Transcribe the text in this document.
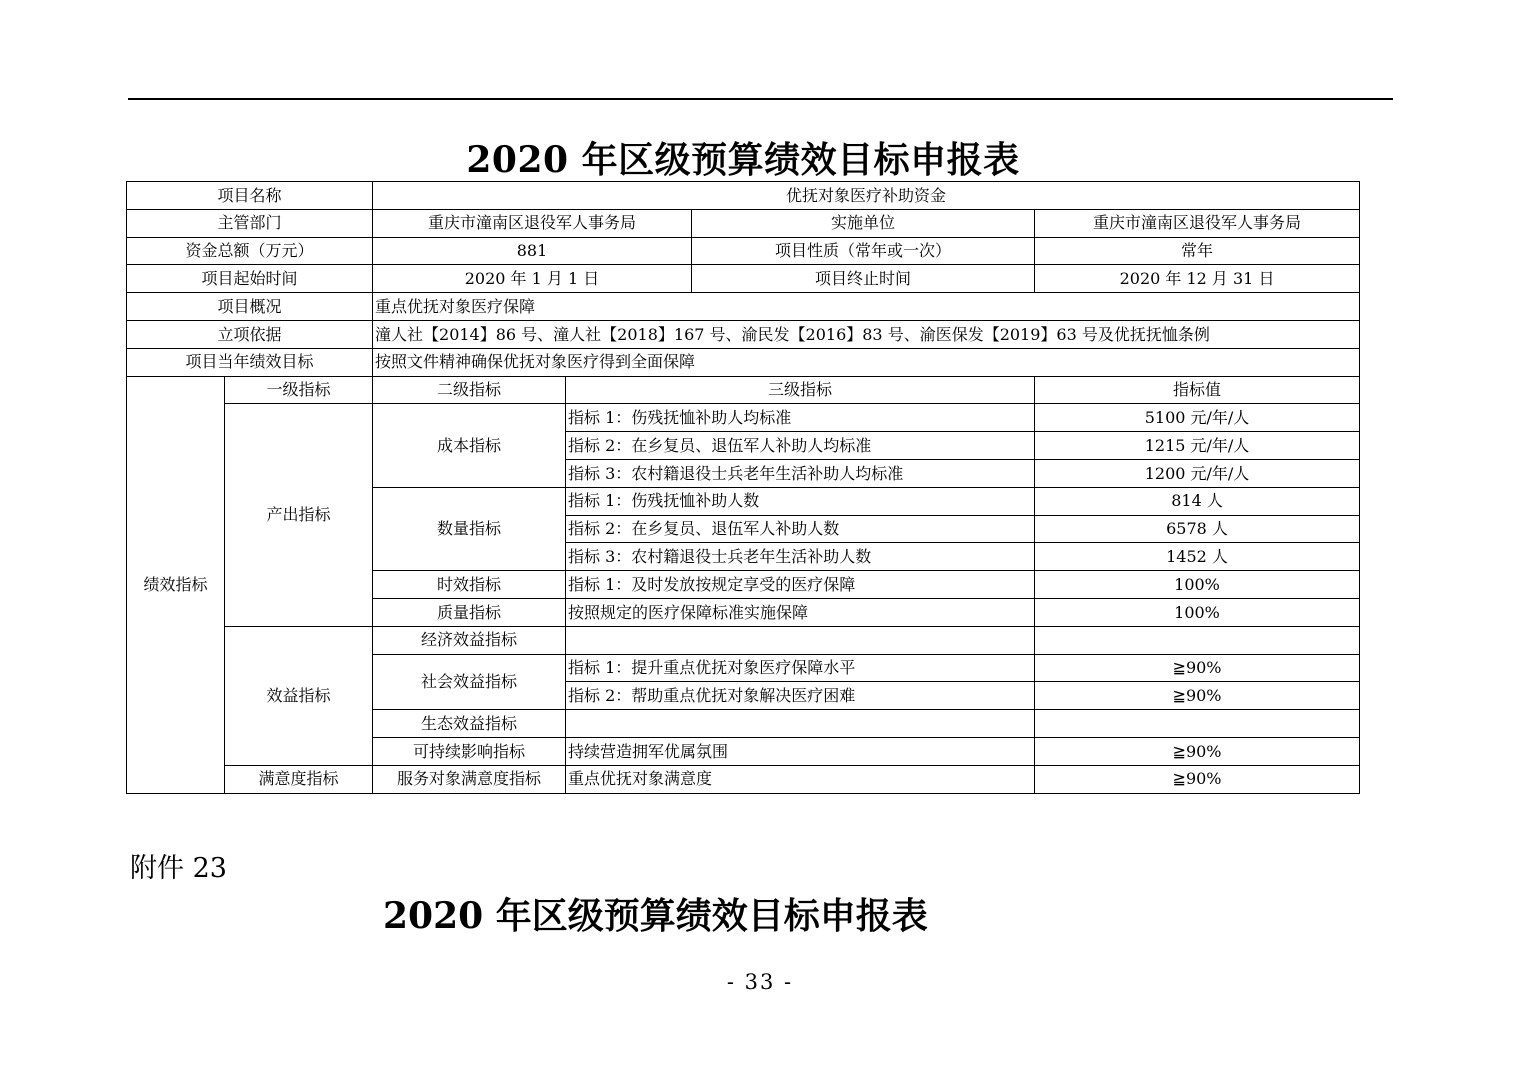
2020 年区级预算绩效目标申报表
项目名称		优抚对象医疗补助资金			
主管部门		重庆市潼南区退役军人事务局		实施单位	重庆市潼南区退役军人事务局
资金总额（万元）		881		项目性质（常年或一次）	常年
项目起始时间		2020 年 1 月 1 日		项目终止时间	2020 年 12 月 31 日
项目概况		重点优抚对象医疗保障			
立项依据		潼人社【2014】86 号、潼人社【2018】167 号、渝民发【2016】83 号、渝医保发【2019】63 号及优抚抚恤条例			
项目当年绩效目标		按照文件精神确保优抚对象医疗得到全面保障			
绩效指标	一级指标	二级指标	三级指标		指标值
	产出指标	成本指标	指标 1：伤残抚恤补助人均标准		5100 元/年/人
			指标 2：在乡复员、退伍军人补助人均标准		1215 元/年/人
			指标 3：农村籍退役士兵老年生活补助人均标准		1200 元/年/人
		数量指标	指标 1：伤残抚恤补助人数		814 人
			指标 2：在乡复员、退伍军人补助人数		6578 人
			指标 3：农村籍退役士兵老年生活补助人数		1452 人
		时效指标	指标 1：及时发放按规定享受的医疗保障		100%
		质量指标	按照规定的医疗保障标准实施保障		100%
	效益指标	经济效益指标			
		社会效益指标	指标 1：提升重点优抚对象医疗保障水平		≧90%
			指标 2：帮助重点优抚对象解决医疗困难		≧90%
		生态效益指标			
		可持续影响指标	持续营造拥军优属氛围		≧90%
	满意度指标	服务对象满意度指标	重点优抚对象满意度		≧90%
附件 23
2020 年区级预算绩效目标申报表
- 33 -
